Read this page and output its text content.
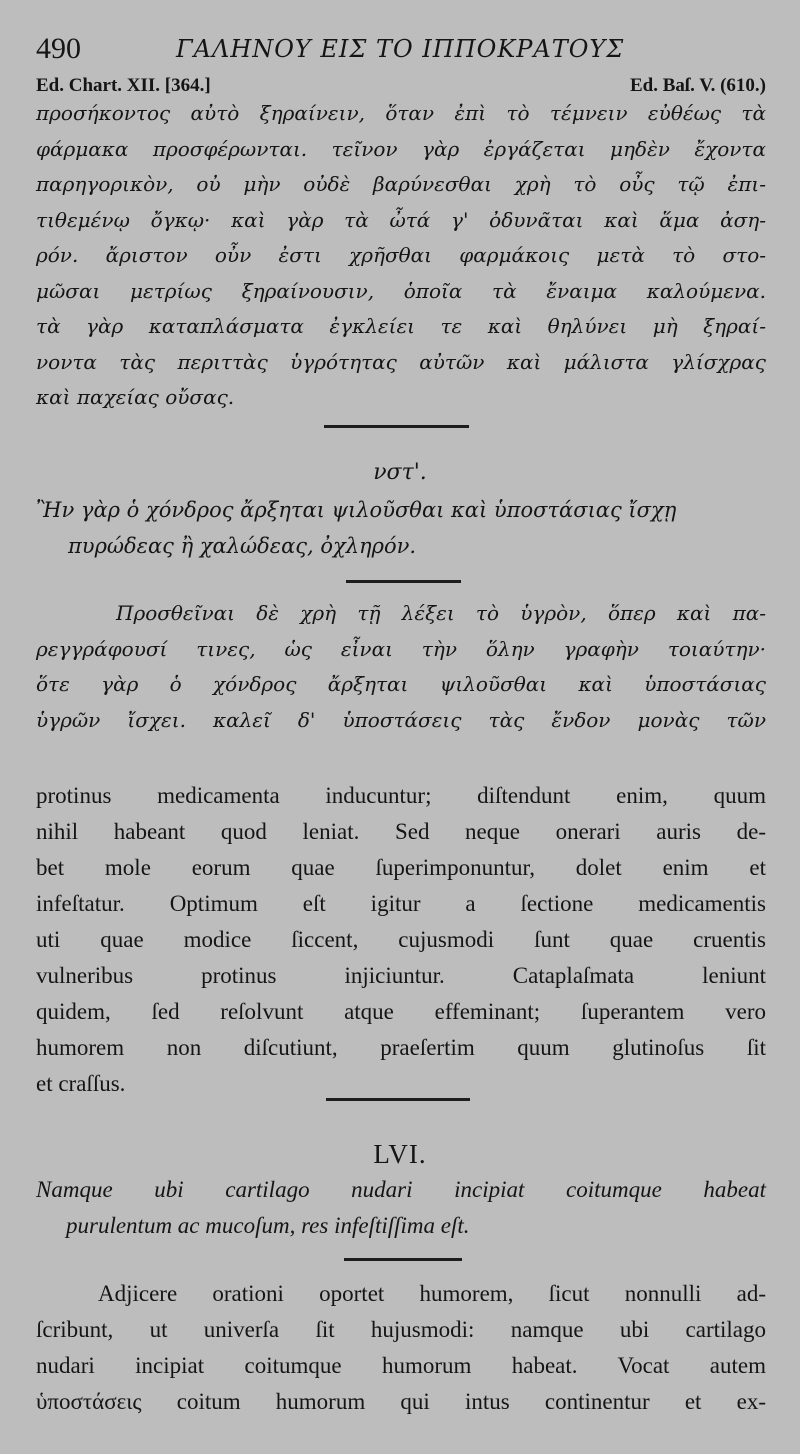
490	ΓΑΛΗΝΟΥ ΕΙΣ ΤΟ ΙΠΠΟΚΡΑΤΟΥΣ
Ed. Chart. XII. [364.]	Ed. Baſ. V. (610.)

προσήκοντος αὐτὸ ξηραίνειν, ὅταν ἐπὶ τὸ τέμνειν εὐθέως τὰ
φάρμακα προσφέρωνται. τεῖνον γὰρ ἐργάζεται μηδὲν ἔχοντα
παρηγορικὸν, οὐ μὴν οὐδὲ βαρύνεσθαι χρὴ τὸ οὖς τῷ ἐπι-
τιθεμένῳ ὄγκῳ· καὶ γὰρ τὰ ὦτά γ' ὀδυνᾶται καὶ ἅμα ἀση-
ρόν. ἄριστον οὖν ἐστι χρῆσθαι φαρμάκοις μετὰ τὸ στο-
μῶσαι μετρίως ξηραίνουσιν, ὁποῖα τὰ ἔναιμα καλούμενα.
τὰ γὰρ καταπλάσματα ἐγκλείει τε καὶ θηλύνει μὴ ξηραί-
νοντα τὰς περιττὰς ὑγρότητας αὐτῶν καὶ μάλιστα γλίσχρας
καὶ παχείας οὔσας.

νστ'.

Ἢν γὰρ ὁ χόνδρος ἄρξηται ψιλοῦσθαι καὶ ὑποστάσιας ἴσχῃ
πυρώδεας ἢ χαλώδεας, ὀχληρόν.

Προσθεῖναι δὲ χρὴ τῇ λέξει τὸ ὑγρὸν, ὅπερ καὶ πα-
ρεγγράφουσί τινες, ὡς εἶναι τὴν ὅλην γραφὴν τοιαύτην·
ὅτε γὰρ ὁ χόνδρος ἄρξηται ψιλοῦσθαι καὶ ὑποστάσιας
ὑγρῶν ἴσχει. καλεῖ δ' ὑποστάσεις τὰς ἔνδον μονὰς τῶν

protinus medicamenta inducuntur; diſtendunt enim, quum
nihil habeant quod leniat. Sed neque onerari auris de-
bet mole eorum quae ſuperimponuntur, dolet enim et
infeſtatur. Optimum eſt igitur a ſectione medicamentis
uti quae modice ſiccent, cujusmodi ſunt quae cruentis
vulneribus protinus injiciuntur. Cataplaſmata leniunt
quidem, ſed reſolvunt atque effeminant; ſuperantem vero
humorem non diſcutiunt, praeſertim quum glutinoſus ſit
et craſſus.

LVI.

Namque ubi cartilago nudari incipiat coitumque habeat
purulentum ac mucoſum, res infeſtiſſima eſt.

Adjicere orationi oportet humorem, ſicut nonnulli ad-
ſcribunt, ut univerſa ſit hujusmodi: namque ubi cartilago
nudari incipiat coitumque humorum habeat. Vocat autem
ὑποστάσεις coitum humorum qui intus continentur et ex-
